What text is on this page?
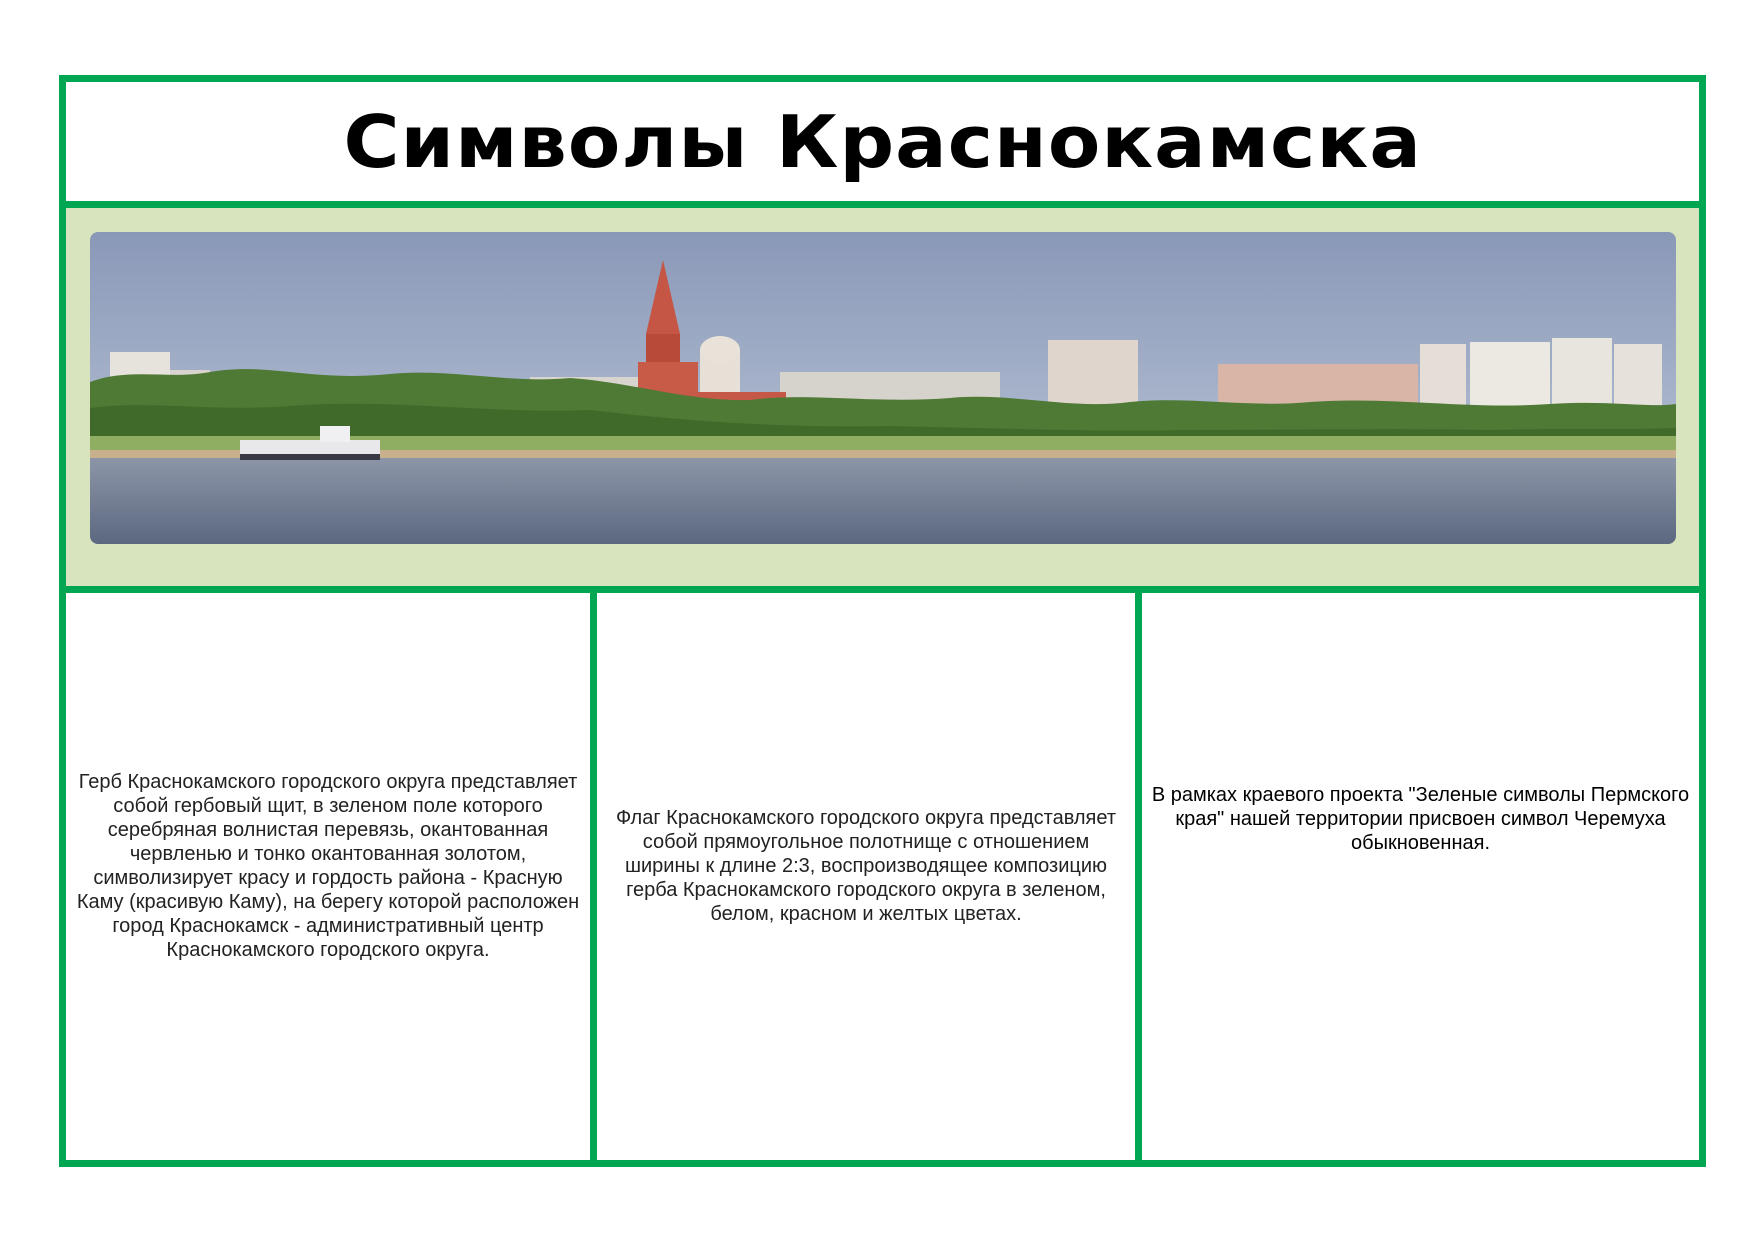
Символы Краснокамска

Герб Краснокамского городского округа представляет собой гербовый щит, в зеленом поле которого серебряная волнистая перевязь, окантованная червленью и тонко окантованная золотом, символизирует красу и гордость района - Красную Каму (красивую Каму), на берегу которой расположен город Краснокамск - административный центр Краснокамского городского округа.

Флаг Краснокамского городского округа представляет собой прямоугольное полотнище с отношением ширины к длине 2:3, воспроизводящее композицию герба Краснокамского городского округа в зеленом, белом, красном и желтых цветах.

В рамках краевого проекта "Зеленые символы Пермского края" нашей территории присвоен символ Черемуха обыкновенная.
